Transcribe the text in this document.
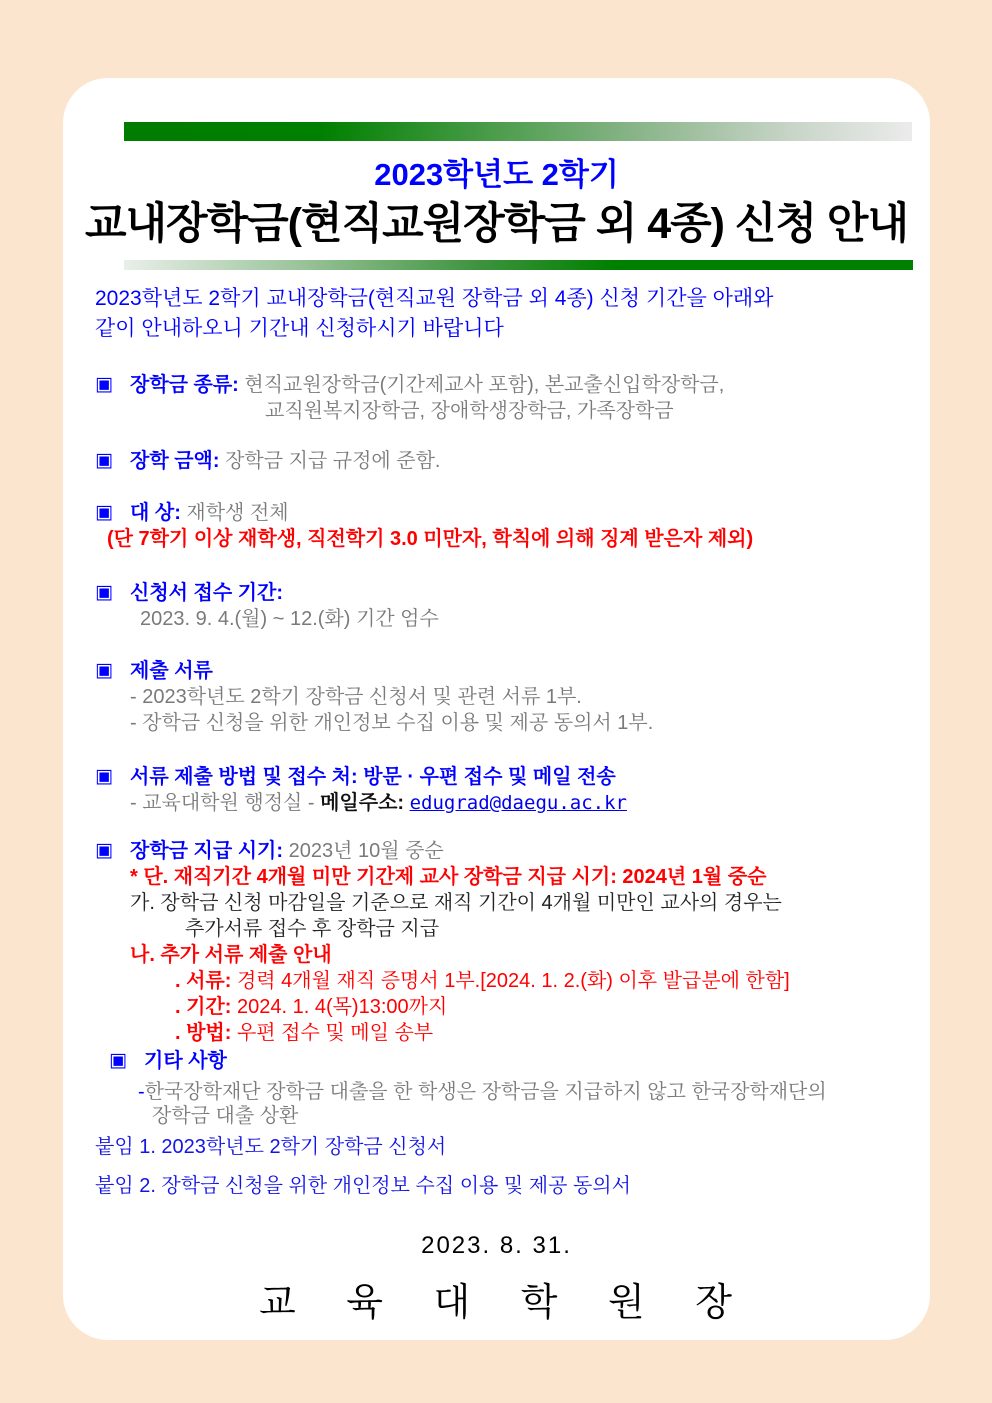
2023학년도 2학기
교내장학금(현직교원장학금 외 4종) 신청 안내
2023학년도 2학기 교내장학금(현직교원 장학금 외 4종) 신청 기간을 아래와
같이 안내하오니 기간내 신청하시기 바랍니다
▣ 장학금 종류: 현직교원장학금(기간제교사 포함), 본교출신입학장학금,
교직원복지장학금, 장애학생장학금, 가족장학금
▣ 장학 금액: 장학금 지급 규정에 준함.
▣ 대 상: 재학생 전체
(단 7학기 이상 재학생, 직전학기 3.0 미만자, 학칙에 의해 징계 받은자 제외)
▣ 신청서 접수 기간:
2023. 9. 4.(월) ~ 12.(화) 기간 엄수
▣ 제출 서류
- 2023학년도 2학기 장학금 신청서 및 관련 서류 1부.
- 장학금 신청을 위한 개인정보 수집 이용 및 제공 동의서 1부.
▣ 서류 제출 방법 및 접수 처: 방문 · 우편 접수 및 메일 전송
- 교육대학원 행정실 - 메일주소: edugrad@daegu.ac.kr
▣ 장학금 지급 시기: 2023년 10월 중순
* 단. 재직기간 4개월 미만 기간제 교사 장학금 지급 시기: 2024년 1월 중순
가. 장학금 신청 마감일을 기준으로 재직 기간이 4개월 미만인 교사의 경우는
추가서류 접수 후 장학금 지급
나. 추가 서류 제출 안내
. 서류: 경력 4개월 재직 증명서 1부.[2024. 1. 2.(화) 이후 발급분에 한함]
. 기간: 2024. 1. 4(목)13:00까지
. 방법: 우편 접수 및 메일 송부
▣ 기타 사항
-한국장학재단 장학금 대출을 한 학생은 장학금을 지급하지 않고 한국장학재단의
장학금 대출 상환
붙임 1. 2023학년도 2학기 장학금 신청서
붙임 2. 장학금 신청을 위한 개인정보 수집 이용 및 제공 동의서
2023. 8. 31.
교 육 대 학 원 장
